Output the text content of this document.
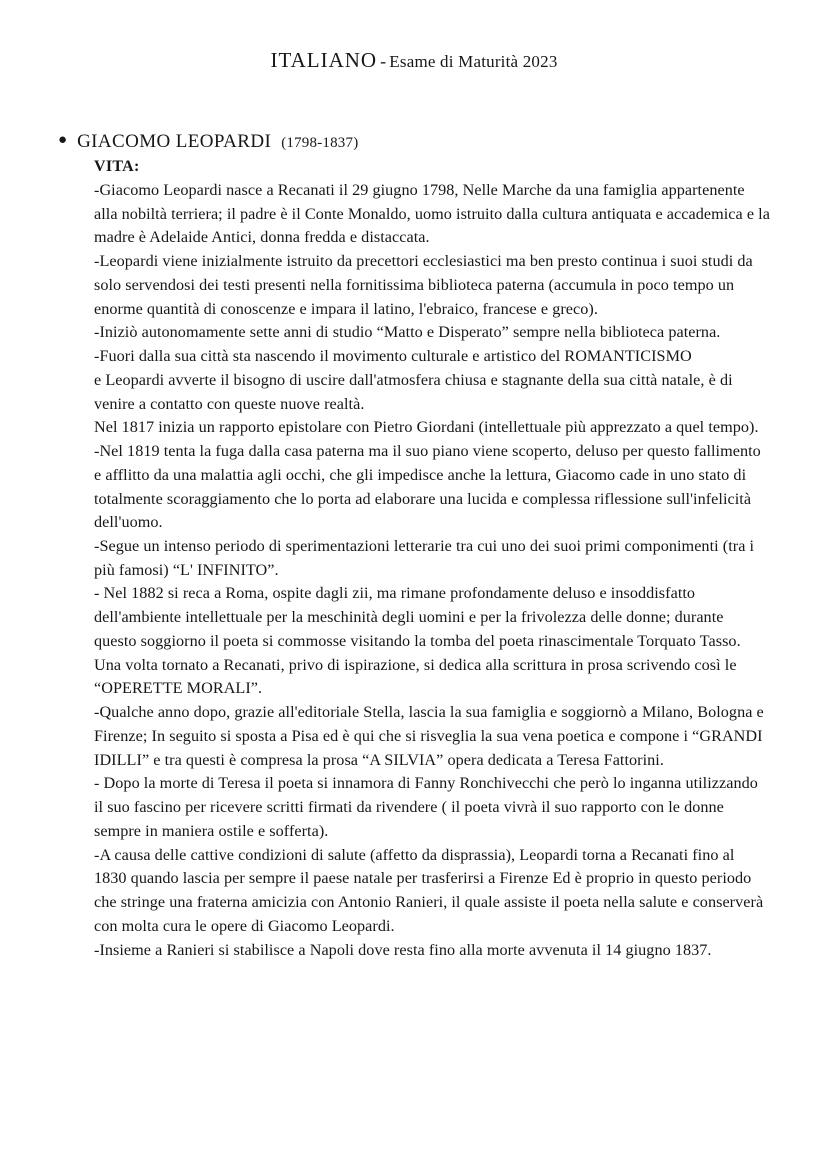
ITALIANO - Esame di Maturità 2023
● GIACOMO LEOPARDI (1798-1837)
VITA:

-Giacomo Leopardi nasce a Recanati il 29 giugno 1798, Nelle Marche da una famiglia appartenente alla nobiltà terriera; il padre è il Conte Monaldo, uomo istruito dalla cultura antiquata e accademica e la madre è Adelaide Antici, donna fredda e distaccata.

-Leopardi viene inizialmente istruito da precettori ecclesiastici ma ben presto continua i suoi studi da solo servendosi dei testi presenti nella fornitissima biblioteca paterna (accumula in poco tempo un enorme quantità di conoscenze e impara il latino, l'ebraico, francese e greco).

-Iniziò autonomamente sette anni di studio “Matto e Disperato” sempre nella biblioteca paterna.

-Fuori dalla sua città sta nascendo il movimento culturale e artistico del ROMANTICISMO

e Leopardi avverte il bisogno di uscire dall'atmosfera chiusa e stagnante della sua città natale, è di venire a contatto con queste nuove realtà.

Nel 1817 inizia un rapporto epistolare con Pietro Giordani (intellettuale più apprezzato a quel tempo).

-Nel 1819 tenta la fuga dalla casa paterna ma il suo piano viene scoperto, deluso per questo fallimento e afflitto da una malattia agli occhi, che gli impedisce anche la lettura, Giacomo cade in uno stato di totalmente scoraggiamento che lo porta ad elaborare una lucida e complessa riflessione sull'infelicità dell'uomo.

-Segue un intenso periodo di sperimentazioni letterarie tra cui uno dei suoi primi componimenti (tra i più famosi) “L' INFINITO”.

- Nel 1882 si reca a Roma, ospite dagli zii, ma rimane profondamente deluso e insoddisfatto dell'ambiente intellettuale per la meschinità degli uomini e per la frivolezza delle donne; durante questo soggiorno il poeta si commosse visitando la tomba del poeta rinascimentale Torquato Tasso. Una volta tornato a Recanati, privo di ispirazione, si dedica alla scrittura in prosa scrivendo così le “OPERETTE MORALI”.

-Qualche anno dopo, grazie all'editoriale Stella, lascia la sua famiglia e soggiornò a Milano, Bologna e Firenze; In seguito si sposta a Pisa ed è qui che si risveglia la sua vena poetica e compone i “GRANDI IDILLI” e tra questi è compresa la prosa “A SILVIA” opera dedicata a Teresa Fattorini.

- Dopo la morte di Teresa il poeta si innamora di Fanny Ronchivecchi che però lo inganna utilizzando il suo fascino per ricevere scritti firmati da rivendere ( il poeta vivrà il suo rapporto con le donne sempre in maniera ostile e sofferta).

-A causa delle cattive condizioni di salute (affetto da disprassia), Leopardi torna a Recanati fino al 1830 quando lascia per sempre il paese natale per trasferirsi a Firenze Ed è proprio in questo periodo che stringe una fraterna amicizia con Antonio Ranieri, il quale assiste il poeta nella salute e conserverà con molta cura le opere di Giacomo Leopardi.

-Insieme a Ranieri si stabilisce a Napoli dove resta fino alla morte avvenuta il 14 giugno 1837.
